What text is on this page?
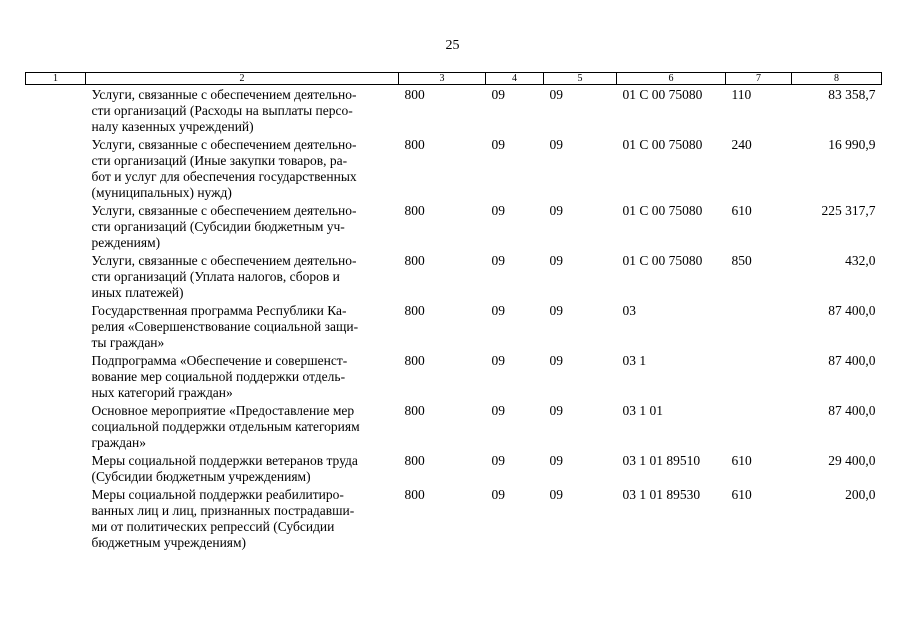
25
1	2	3	4	5	6	7	8

	Услуги, связанные с обеспечением деятельно-
сти организаций (Расходы на выплаты персо-
налу казенных учреждений)	800	09	09	01 С 00 75080	110	83 358,7

	Услуги, связанные с обеспечением деятельно-
сти организаций (Иные закупки товаров, ра-
бот и услуг для обеспечения государственных
(муниципальных) нужд)	800	09	09	01 С 00 75080	240	16 990,9

	Услуги, связанные с обеспечением деятельно-
сти организаций (Субсидии бюджетным уч-
реждениям)	800	09	09	01 С 00 75080	610	225 317,7

	Услуги, связанные с обеспечением деятельно-
сти организаций (Уплата налогов, сборов и
иных платежей)	800	09	09	01 С 00 75080	850	432,0

	Государственная программа Республики Ка-
релия «Совершенствование социальной защи-
ты граждан»	800	09	09	03		87 400,0

	Подпрограмма «Обеспечение и совершенст-
вование мер социальной поддержки отдель-
ных категорий граждан»	800	09	09	03 1		87 400,0

	Основное мероприятие «Предоставление мер
социальной поддержки отдельным категориям
граждан»	800	09	09	03 1 01		87 400,0

	Меры социальной поддержки ветеранов труда
(Субсидии бюджетным учреждениям)	800	09	09	03 1 01 89510	610	29 400,0

	Меры социальной поддержки реабилитиро-
ванных лиц и лиц, признанных пострадавши-
ми от политических репрессий (Субсидии
бюджетным учреждениям)	800	09	09	03 1 01 89530	610	200,0
